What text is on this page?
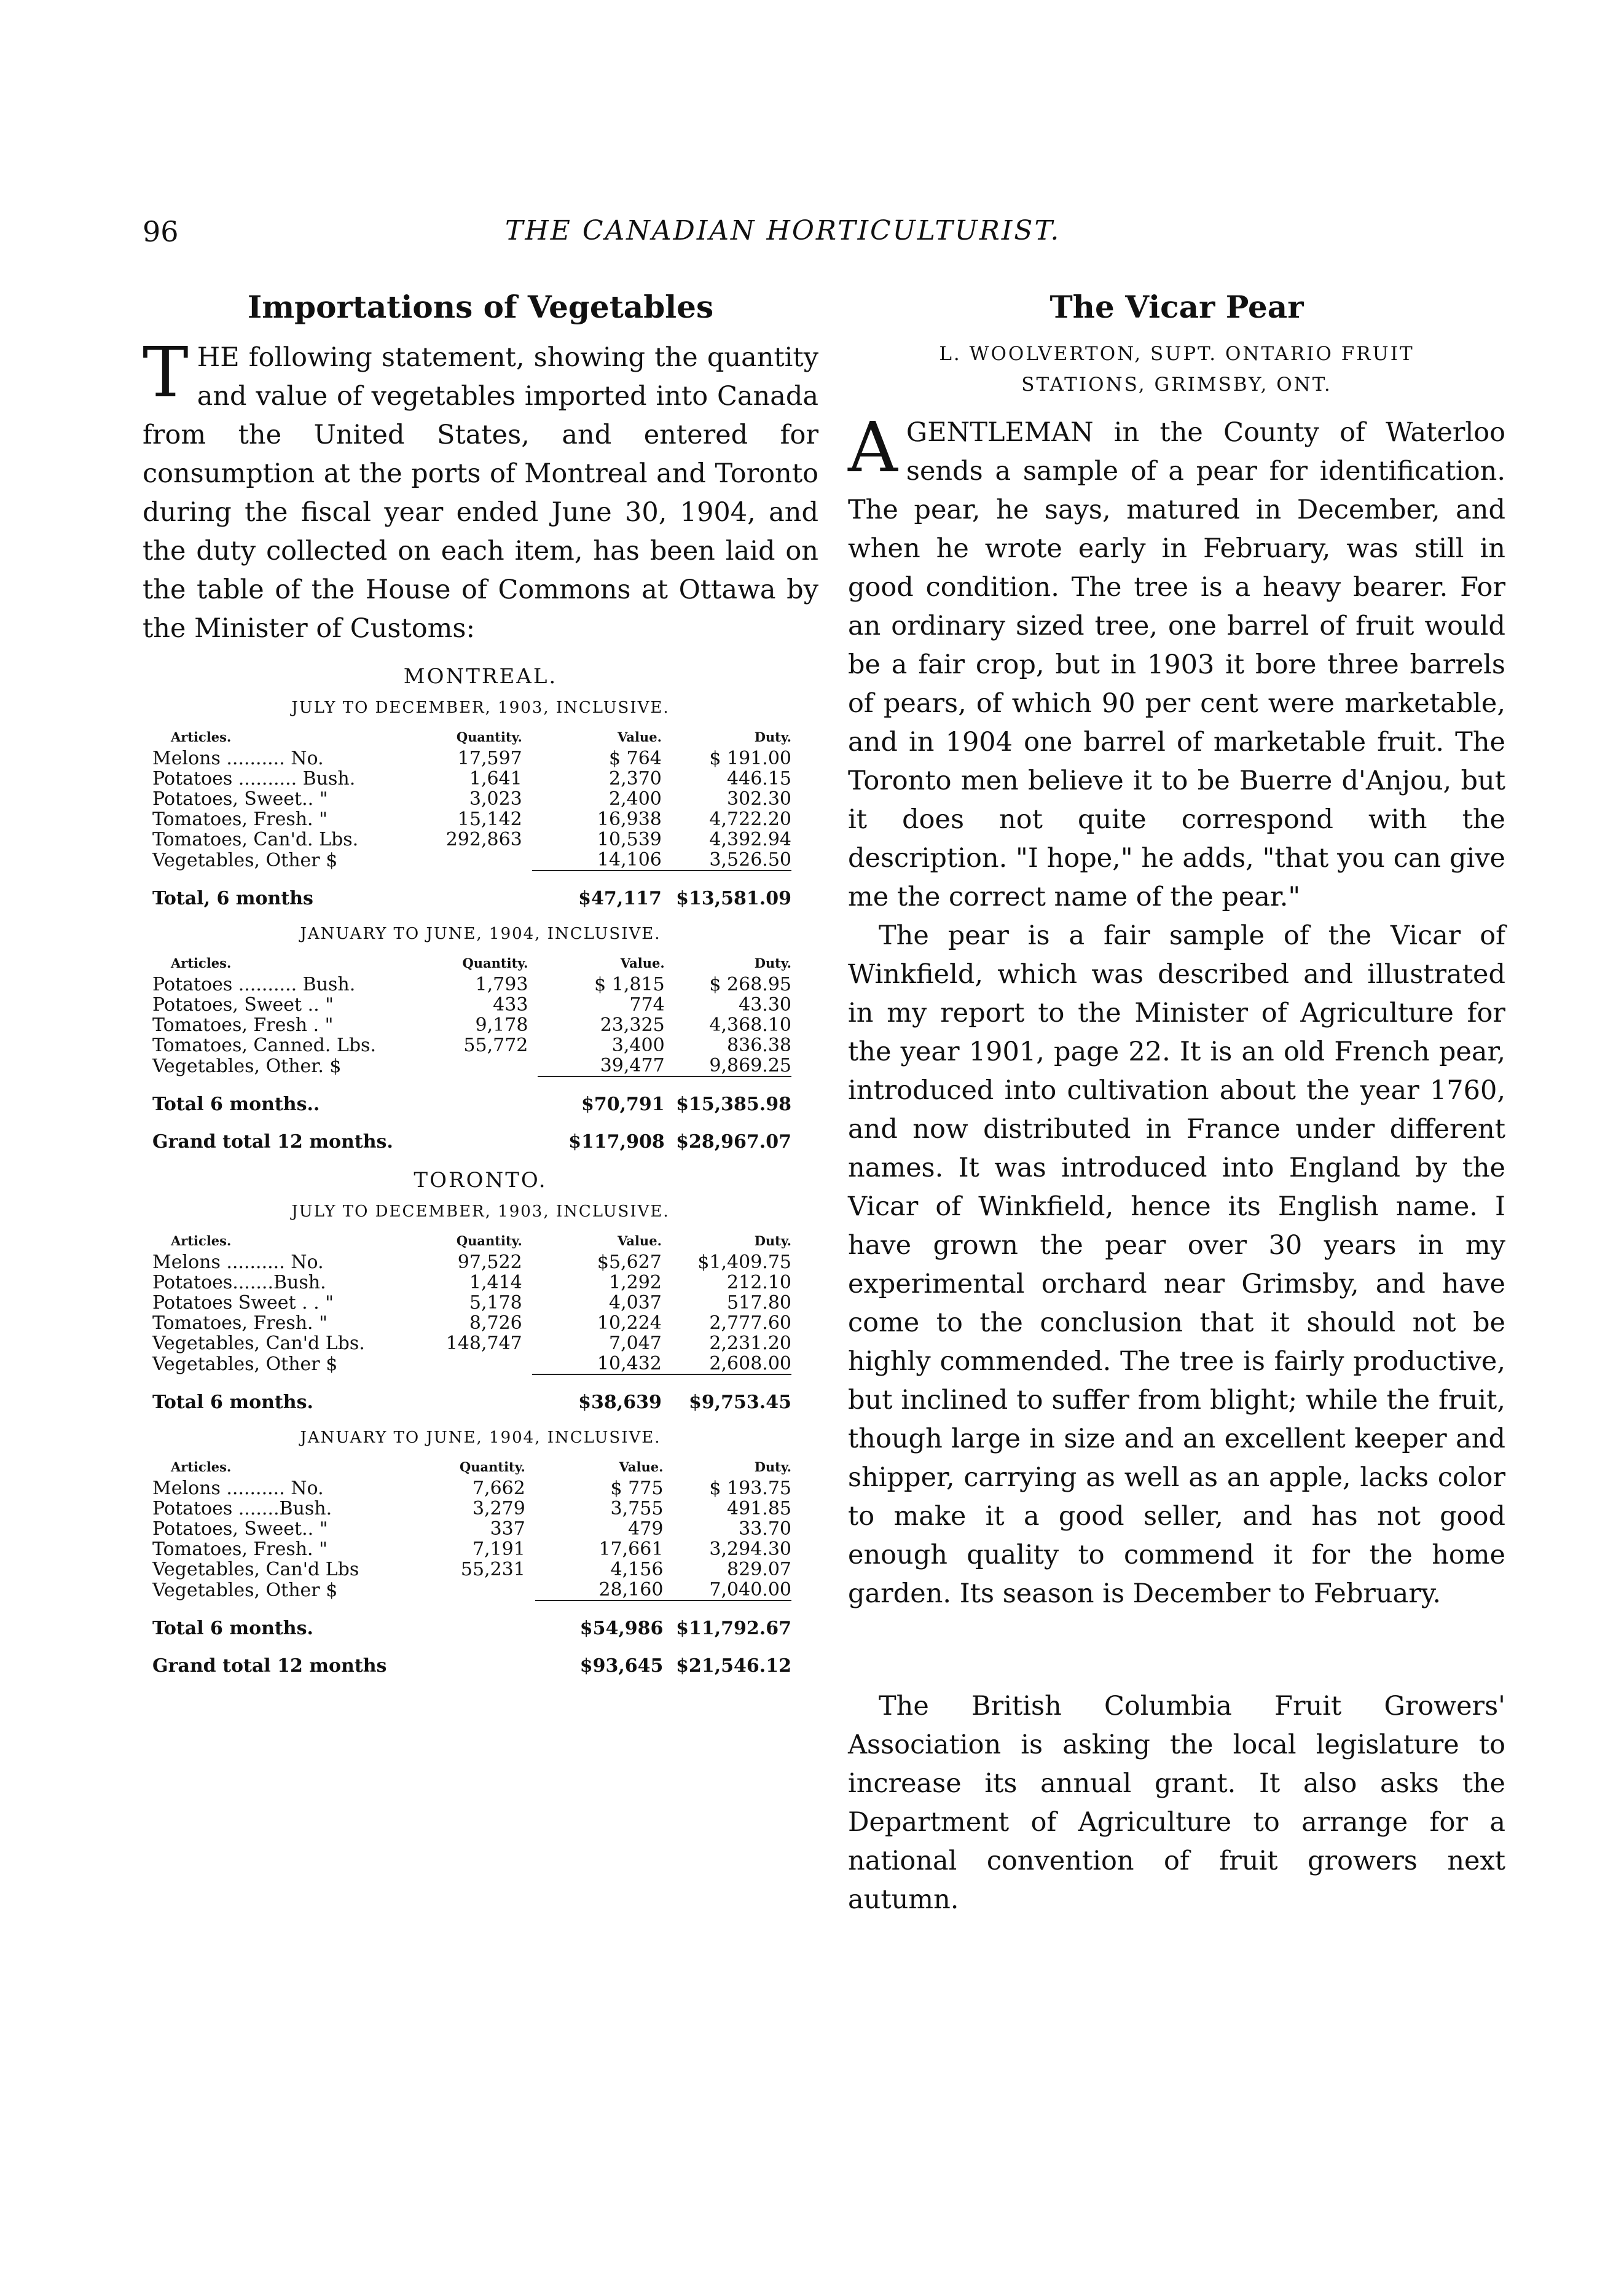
96	THE CANADIAN HORTICULTURIST.
Importations of Vegetables

THE following statement, showing the quantity and value of vegetables imported into Canada from the United States, and entered for consumption at the ports of Montreal and Toronto during the fiscal year ended June 30, 1904, and the duty collected on each item, has been laid on the table of the House of Commons at Ottawa by the Minister of Customs:

MONTREAL.
JULY TO DECEMBER, 1903, INCLUSIVE.
Articles.	Quantity.	Value.	Duty.
Melons .......... No.	17,597	$ 764	$ 191.00
Potatoes .......... Bush.	1,641	2,370	446.15
Potatoes, Sweet.. "	3,023	2,400	302.30
Tomatoes, Fresh. "	15,142	16,938	4,722.20
Tomatoes, Can'd. Lbs.	292,863	10,539	4,392.94
Vegetables, Other $		14,106	3,526.50

Total, 6 months		$47,117	$13,581.09
JANUARY TO JUNE, 1904, INCLUSIVE.
Articles.	Quantity.	Value.	Duty.
Potatoes .......... Bush.	1,793	$ 1,815	$ 268.95
Potatoes, Sweet .. "	433	774	43.30
Tomatoes, Fresh . "	9,178	23,325	4,368.10
Tomatoes, Canned. Lbs.	55,772	3,400	836.38
Vegetables, Other. $		39,477	9,869.25

Total 6 months..		$70,791	$15,385.98
Grand total 12 months.		$117,908	$28,967.07
TORONTO.
JULY TO DECEMBER, 1903, INCLUSIVE.
Articles.	Quantity.	Value.	Duty.
Melons .......... No.	97,522	$5,627	$1,409.75
Potatoes.......Bush.	1,414	1,292	212.10
Potatoes Sweet . . "	5,178	4,037	517.80
Tomatoes, Fresh. "	8,726	10,224	2,777.60
Vegetables, Can'd Lbs.	148,747	7,047	2,231.20
Vegetables, Other $		10,432	2,608.00

Total 6 months.		$38,639	$9,753.45
JANUARY TO JUNE, 1904, INCLUSIVE.
Articles.	Quantity.	Value.	Duty.
Melons .......... No.	7,662	$ 775	$ 193.75
Potatoes .......Bush.	3,279	3,755	491.85
Potatoes, Sweet.. "	337	479	33.70
Tomatoes, Fresh. "	7,191	17,661	3,294.30
Vegetables, Can'd Lbs	55,231	4,156	829.07
Vegetables, Other $		28,160	7,040.00

Total 6 months.		$54,986	$11,792.67
Grand total 12 months		$93,645	$21,546.12
The Vicar Pear
L. WOOLVERTON, SUPT. ONTARIO FRUIT
STATIONS, GRIMSBY, ONT.

AGENTLEMAN in the County of Waterloo sends a sample of a pear for identification. The pear, he says, matured in December, and when he wrote early in February, was still in good condition. The tree is a heavy bearer. For an ordinary sized tree, one barrel of fruit would be a fair crop, but in 1903 it bore three barrels of pears, of which 90 per cent were marketable, and in 1904 one barrel of marketable fruit. The Toronto men believe it to be Buerre d'Anjou, but it does not quite correspond with the description. "I hope," he adds, "that you can give me the correct name of the pear."

The pear is a fair sample of the Vicar of Winkfield, which was described and illustrated in my report to the Minister of Agriculture for the year 1901, page 22. It is an old French pear, introduced into cultivation about the year 1760, and now distributed in France under different names. It was introduced into England by the Vicar of Winkfield, hence its English name. I have grown the pear over 30 years in my experimental orchard near Grimsby, and have come to the conclusion that it should not be highly commended. The tree is fairly productive, but inclined to suffer from blight; while the fruit, though large in size and an excellent keeper and shipper, carrying as well as an apple, lacks color to make it a good seller, and has not good enough quality to commend it for the home garden. Its season is December to February.

The British Columbia Fruit Growers' Association is asking the local legislature to increase its annual grant. It also asks the Department of Agriculture to arrange for a national convention of fruit growers next autumn.
